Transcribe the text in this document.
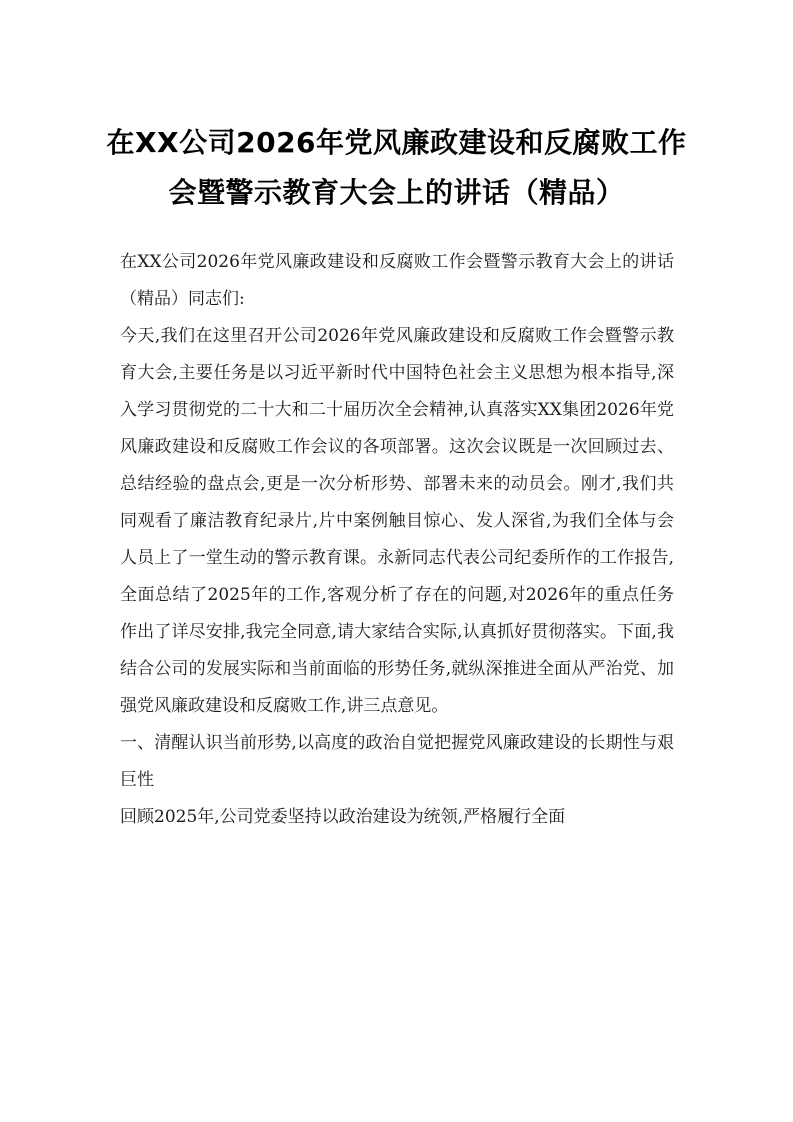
在XX公司2026年党风廉政建设和反腐败工作会暨警示教育大会上的讲话（精品）

在XX公司2026年党风廉政建设和反腐败工作会暨警示教育大会上的讲话（精品）同志们:

今天,我们在这里召开公司2026年党风廉政建设和反腐败工作会暨警示教育大会,主要任务是以习近平新时代中国特色社会主义思想为根本指导,深入学习贯彻党的二十大和二十届历次全会精神,认真落实XX集团2026年党风廉政建设和反腐败工作会议的各项部署。这次会议既是一次回顾过去、总结经验的盘点会,更是一次分析形势、部署未来的动员会。刚才,我们共同观看了廉洁教育纪录片,片中案例触目惊心、发人深省,为我们全体与会人员上了一堂生动的警示教育课。永新同志代表公司纪委所作的工作报告,全面总结了2025年的工作,客观分析了存在的问题,对2026年的重点任务作出了详尽安排,我完全同意,请大家结合实际,认真抓好贯彻落实。下面,我结合公司的发展实际和当前面临的形势任务,就纵深推进全面从严治党、加强党风廉政建设和反腐败工作,讲三点意见。

一、清醒认识当前形势,以高度的政治自觉把握党风廉政建设的长期性与艰巨性

回顾2025年,公司党委坚持以政治建设为统领,严格履行全面
